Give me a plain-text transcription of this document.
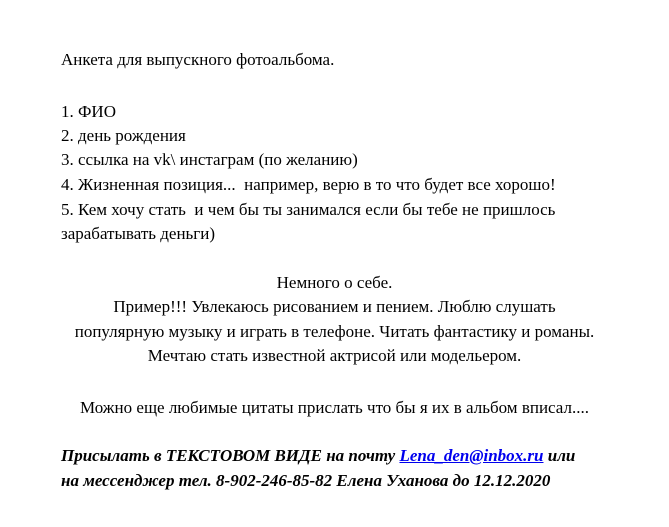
Анкета для выпускного фотоальбома.
1. ФИО
2. день рождения
3. ссылка на vk\ инстаграм (по желанию)
4. Жизненная позиция...  например, верю в то что будет все хорошо!
5. Кем хочу стать  и чем бы ты занимался если бы тебе не пришлось
зарабатывать деньги)
Немного о себе.
Пример!!! Увлекаюсь рисованием и пением. Люблю слушать
популярную музыку и играть в телефоне. Читать фантастику и романы.
Мечтаю стать известной актрисой или модельером.
Можно еще любимые цитаты прислать что бы я их в альбом вписал....
Присылать в ТЕКСТОВОМ ВИДЕ на почту Lena_den@inbox.ru или
на мессенджер тел. 8-902-246-85-82 Елена Уханова до 12.12.2020
